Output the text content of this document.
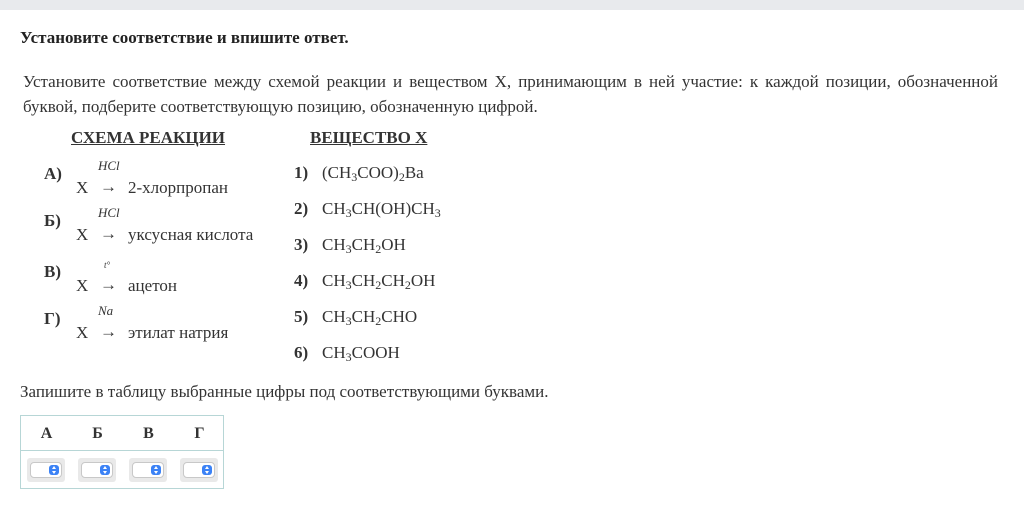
Установите соответствие и впишите ответ.
Установите соответствие между схемой реакции и веществом X, принимающим в ней участие: к каждой позиции, обозначенной буквой, подберите соответствующую позицию, обозначенную цифрой.
СХЕМА РЕАКЦИИ	ВЕЩЕСТВО X
А)	HCl
X → 2-хлорпропан
Б)	HCl
X → уксусная кислота
В)	t°
X → ацетон
Г)	Na
X → этилат натрия
1) $(CH_3COO)_2Ba$
2) $CH_3CH(OH)CH_3$
3) $CH_3CH_2OH$
4) $CH_3CH_2CH_2OH$
5) $CH_3CH_2CHO$
6) $CH_3COOH$
Запишите в таблицу выбранные цифры под соответствующими буквами.
А	Б	В	Г
